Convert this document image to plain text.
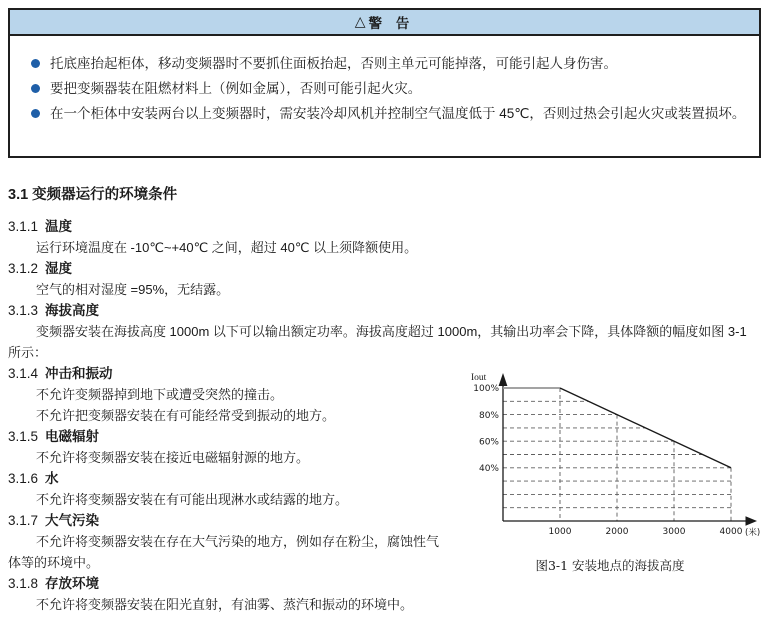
△ 警 告
托底座抬起柜体，移动变频器时不要抓住面板抬起，否则主单元可能掉落，可能引起人身伤害。
要把变频器装在阻燃材料上（例如金属），否则可能引起火灾。
在一个柜体中安装两台以上变频器时，需安装冷却风机并控制空气温度低于 45℃，否则过热会引起火灾或装置损坏。
3.1 变频器运行的环境条件
3.1.1 温度

运行环境温度在 -10℃~+40℃ 之间，超过 40℃ 以上须降额使用。

3.1.2 湿度

空气的相对湿度 =95%，无结露。

3.1.3 海拔高度

变频器安装在海拔高度 1000m 以下可以输出额定功率。海拔高度超过 1000m，其输出功率会下降，具体降额的幅度如图 3-1 所示：

100%
80%
60%
40%
1000	2000	3000	4000 (米)
Iout
图3-1 安装地点的海拔高度
3.1.4 冲击和振动

不允许变频器掉到地下或遭受突然的撞击。

不允许把变频器安装在有可能经常受到振动的地方。

3.1.5 电磁辐射

不允许将变频器安装在接近电磁辐射源的地方。

3.1.6 水

不允许将变频器安装在有可能出现淋水或结露的地方。

3.1.7 大气污染

不允许将变频器安装在存在大气污染的地方，例如存在粉尘，腐蚀性气体等的环境中。

3.1.8 存放环境

不允许将变频器安装在阳光直射，有油雾、蒸汽和振动的环境中。
